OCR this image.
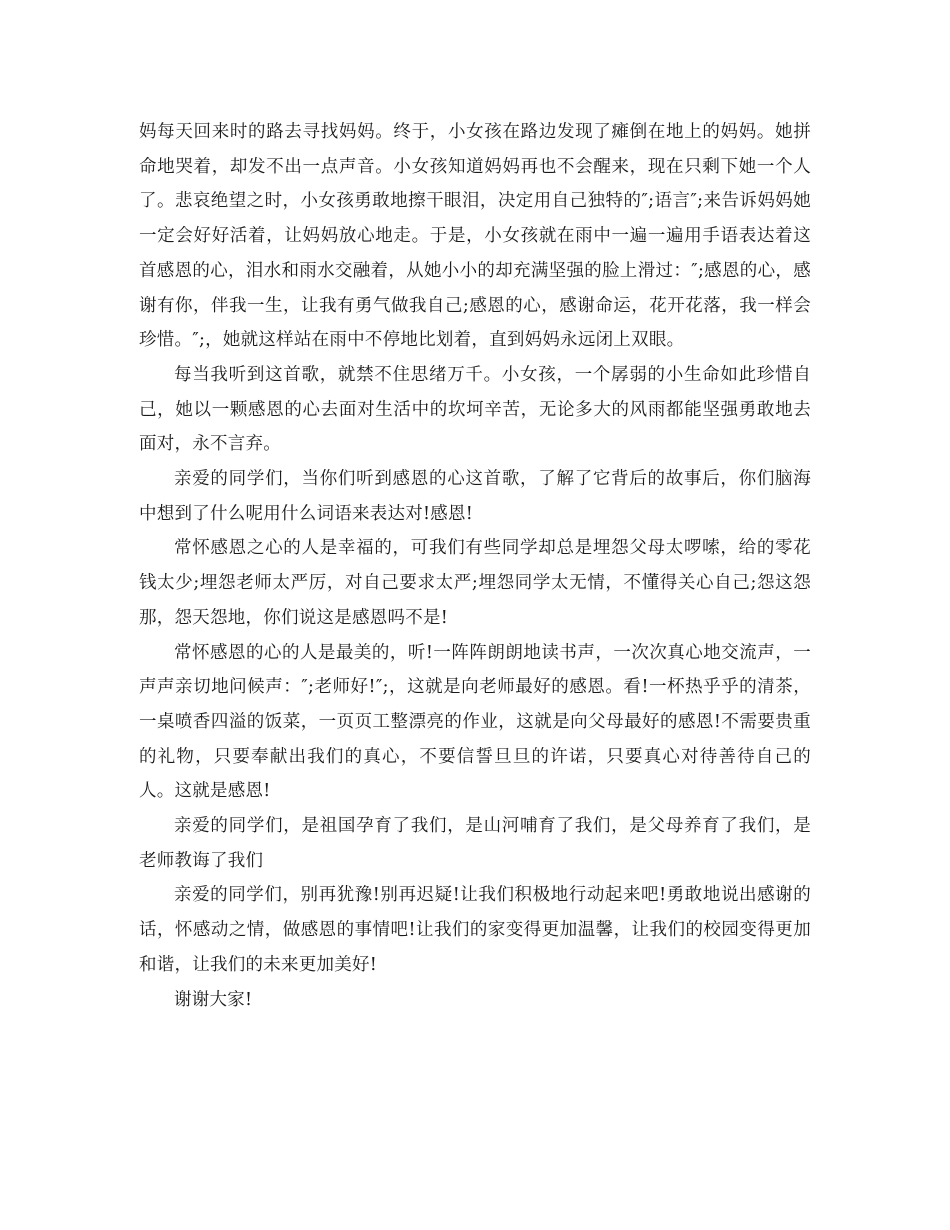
妈每天回来时的路去寻找妈妈。终于，小女孩在路边发现了瘫倒在地上的妈妈。她拼命地哭着，却发不出一点声音。小女孩知道妈妈再也不会醒来，现在只剩下她一个人了。悲哀绝望之时，小女孩勇敢地擦干眼泪，决定用自己独特的″;语言″;来告诉妈妈她一定会好好活着，让妈妈放心地走。于是，小女孩就在雨中一遍一遍用手语表达着这首感恩的心，泪水和雨水交融着，从她小小的却充满坚强的脸上滑过：″;感恩的心，感谢有你，伴我一生，让我有勇气做我自己;感恩的心，感谢命运，花开花落，我一样会珍惜。″;，她就这样站在雨中不停地比划着，直到妈妈永远闭上双眼。

每当我听到这首歌，就禁不住思绪万千。小女孩，一个孱弱的小生命如此珍惜自己，她以一颗感恩的心去面对生活中的坎坷辛苦，无论多大的风雨都能坚强勇敢地去面对，永不言弃。

亲爱的同学们，当你们听到感恩的心这首歌，了解了它背后的故事后，你们脑海中想到了什么呢用什么词语来表达对!感恩!

常怀感恩之心的人是幸福的，可我们有些同学却总是埋怨父母太啰嗦，给的零花钱太少;埋怨老师太严厉，对自己要求太严;埋怨同学太无情，不懂得关心自己;怨这怨那，怨天怨地，你们说这是感恩吗不是!

常怀感恩的心的人是最美的，听!一阵阵朗朗地读书声，一次次真心地交流声，一声声亲切地问候声：″;老师好!″;，这就是向老师最好的感恩。看!一杯热乎乎的清茶，一桌喷香四溢的饭菜，一页页工整漂亮的作业，这就是向父母最好的感恩!不需要贵重的礼物，只要奉献出我们的真心，不要信誓旦旦的许诺，只要真心对待善待自己的人。这就是感恩!

亲爱的同学们，是祖国孕育了我们，是山河哺育了我们，是父母养育了我们，是老师教诲了我们

亲爱的同学们，别再犹豫!别再迟疑!让我们积极地行动起来吧!勇敢地说出感谢的话，怀感动之情，做感恩的事情吧!让我们的家变得更加温馨，让我们的校园变得更加和谐，让我们的未来更加美好!

谢谢大家!
